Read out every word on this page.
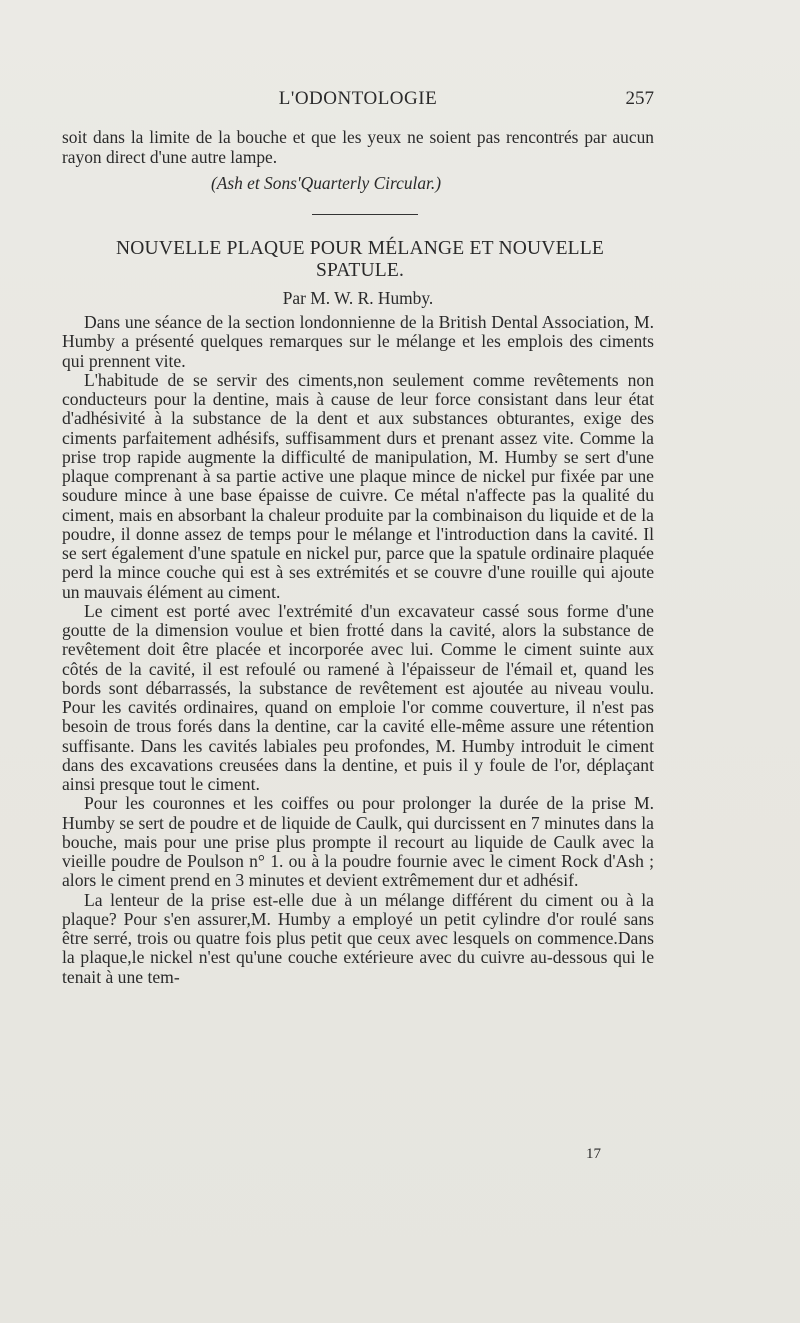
L'ODONTOLOGIE	257

soit dans la limite de la bouche et que les yeux ne soient pas rencontrés par aucun rayon direct d'une autre lampe.

(Ash et Sons'Quarterly Circular.)
NOUVELLE PLAQUE POUR MÉLANGE ET NOUVELLE SPATULE.
Par M. W. R. Humby.

Dans une séance de la section londonnienne de la British Dental Association, M. Humby a présenté quelques remarques sur le mélange et les emplois des ciments qui prennent vite.

L'habitude de se servir des ciments,non seulement comme revêtements non conducteurs pour la dentine, mais à cause de leur force consistant dans leur état d'adhésivité à la substance de la dent et aux substances obturantes, exige des ciments parfaitement adhésifs, suffisamment durs et prenant assez vite. Comme la prise trop rapide augmente la difficulté de manipulation, M. Humby se sert d'une plaque comprenant à sa partie active une plaque mince de nickel pur fixée par une soudure mince à une base épaisse de cuivre. Ce métal n'affecte pas la qualité du ciment, mais en absorbant la chaleur produite par la combinaison du liquide et de la poudre, il donne assez de temps pour le mélange et l'introduction dans la cavité. Il se sert également d'une spatule en nickel pur, parce que la spatule ordinaire plaquée perd la mince couche qui est à ses extrémités et se couvre d'une rouille qui ajoute un mauvais élément au ciment.

Le ciment est porté avec l'extrémité d'un excavateur cassé sous forme d'une goutte de la dimension voulue et bien frotté dans la cavité, alors la substance de revêtement doit être placée et incorporée avec lui. Comme le ciment suinte aux côtés de la cavité, il est refoulé ou ramené à l'épaisseur de l'émail et, quand les bords sont débarrassés, la substance de revêtement est ajoutée au niveau voulu. Pour les cavités ordinaires, quand on emploie l'or comme couverture, il n'est pas besoin de trous forés dans la dentine, car la cavité elle-même assure une rétention suffisante. Dans les cavités labiales peu profondes, M. Humby introduit le ciment dans des excavations creusées dans la dentine, et puis il y foule de l'or, déplaçant ainsi presque tout le ciment.

Pour les couronnes et les coiffes ou pour prolonger la durée de la prise M. Humby se sert de poudre et de liquide de Caulk, qui durcissent en 7 minutes dans la bouche, mais pour une prise plus prompte il recourt au liquide de Caulk avec la vieille poudre de Poulson n° 1. ou à la poudre fournie avec le ciment Rock d'Ash ; alors le ciment prend en 3 minutes et devient extrêmement dur et adhésif.

La lenteur de la prise est-elle due à un mélange différent du ciment ou à la plaque? Pour s'en assurer,M. Humby a employé un petit cylindre d'or roulé sans être serré, trois ou quatre fois plus petit que ceux avec lesquels on commence.Dans la plaque,le nickel n'est qu'une couche extérieure avec du cuivre au-dessous qui le tenait à une tem-

17
